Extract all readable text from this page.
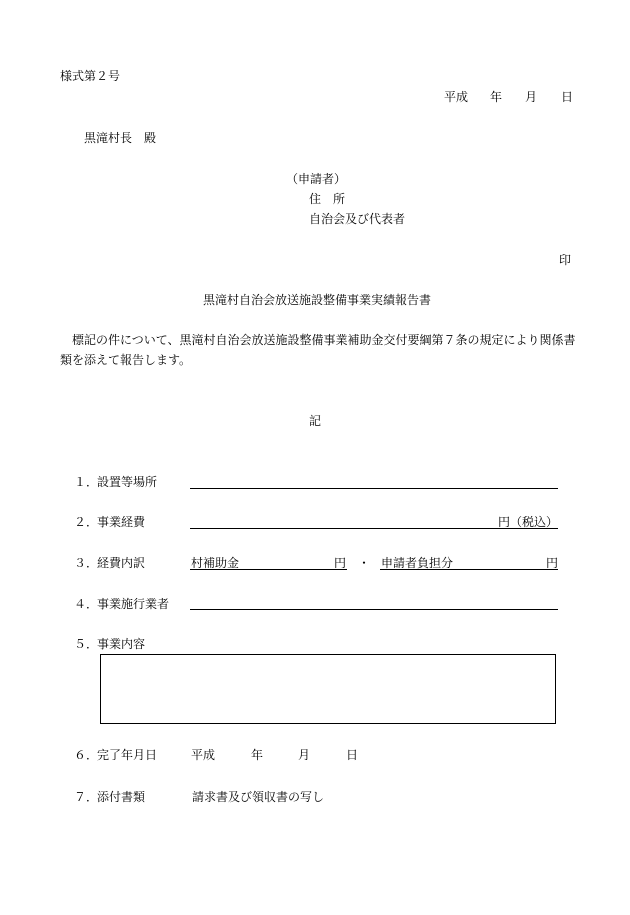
様式第２号
平成 年 月 日
黒滝村長　殿
（申請者）
住　所
自治会及び代表者
印
黒滝村自治会放送施設整備事業実績報告書
　標記の件について、黒滝村自治会放送施設整備事業補助金交付要綱第７条の規定により関係書
類を添えて報告します。
記
１．
設置等場所
２．
事業経費	円（税込）
３．
経費内訳	村補助金	円 ・ 申請者負担分	円
４．
事業施行業者
５．
事業内容
６．
完了年月日	平成	年	月	日
７．
添付書類	請求書及び領収書の写し
